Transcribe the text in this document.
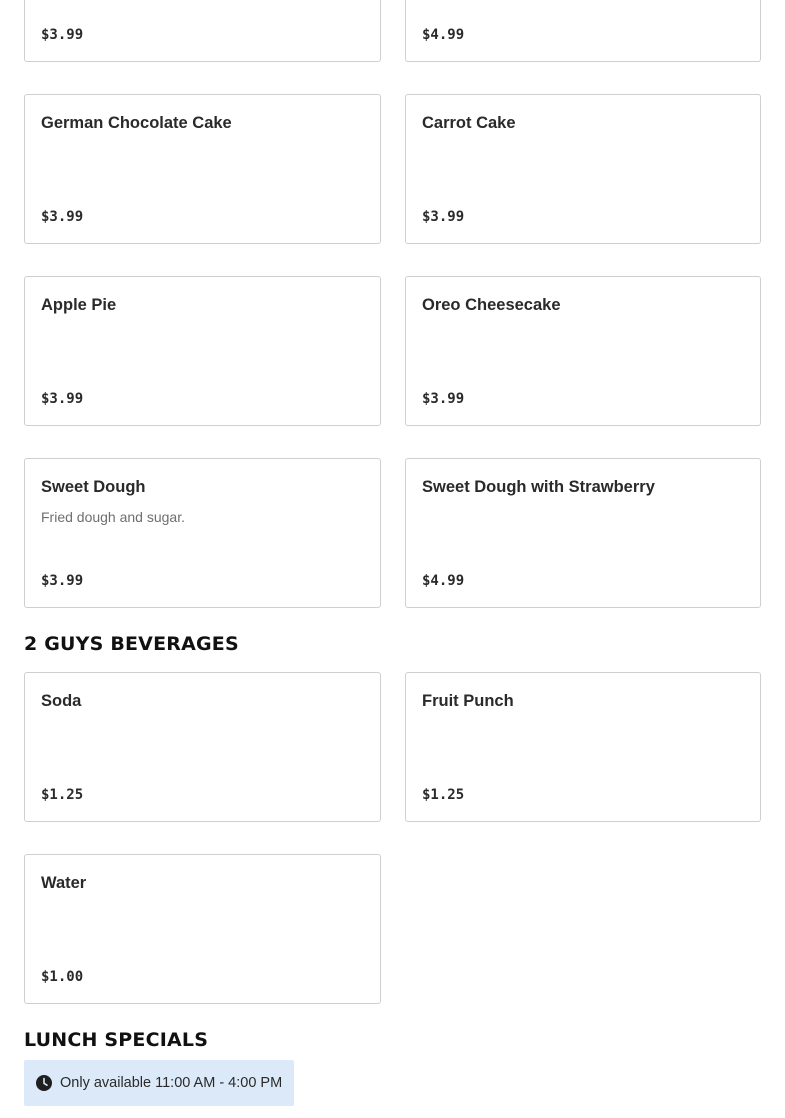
$3.99	$4.99
German Chocolate Cake
$3.99
Carrot Cake
$3.99
Apple Pie
$3.99
Oreo Cheesecake
$3.99
Sweet Dough
Fried dough and sugar.
$3.99
Sweet Dough with Strawberry
$4.99
2 GUYS BEVERAGES
Soda
$1.25
Fruit Punch
$1.25
Water
$1.00
LUNCH SPECIALS
Only available 11:00 AM - 4:00 PM
